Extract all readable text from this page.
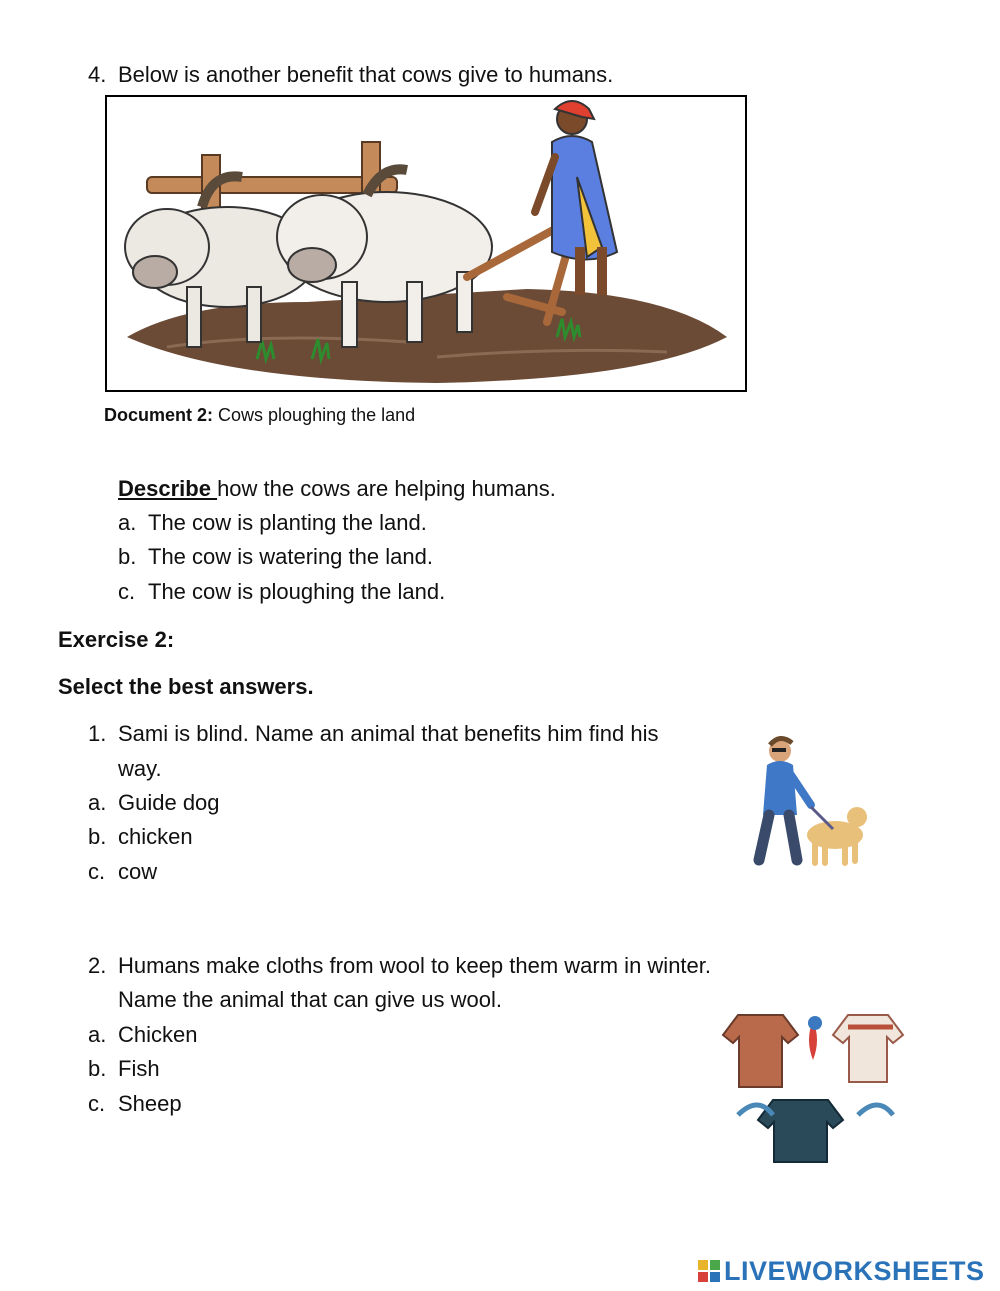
4. Below is another benefit that cows give to humans.
Document 2: Cows ploughing the land
Describe how the cows are helping humans.
a. The cow is planting the land.
b. The cow is watering the land.
c. The cow is ploughing the land.
Exercise 2:
Select the best answers.
1. Sami is blind. Name an animal that benefits him find his
way.
a. Guide dog
b. chicken
c. cow
2. Humans make cloths from wool to keep them warm in winter.
Name the animal that can give us wool.
a. Chicken
b. Fish
c. Sheep
LIVEWORKSHEETS
